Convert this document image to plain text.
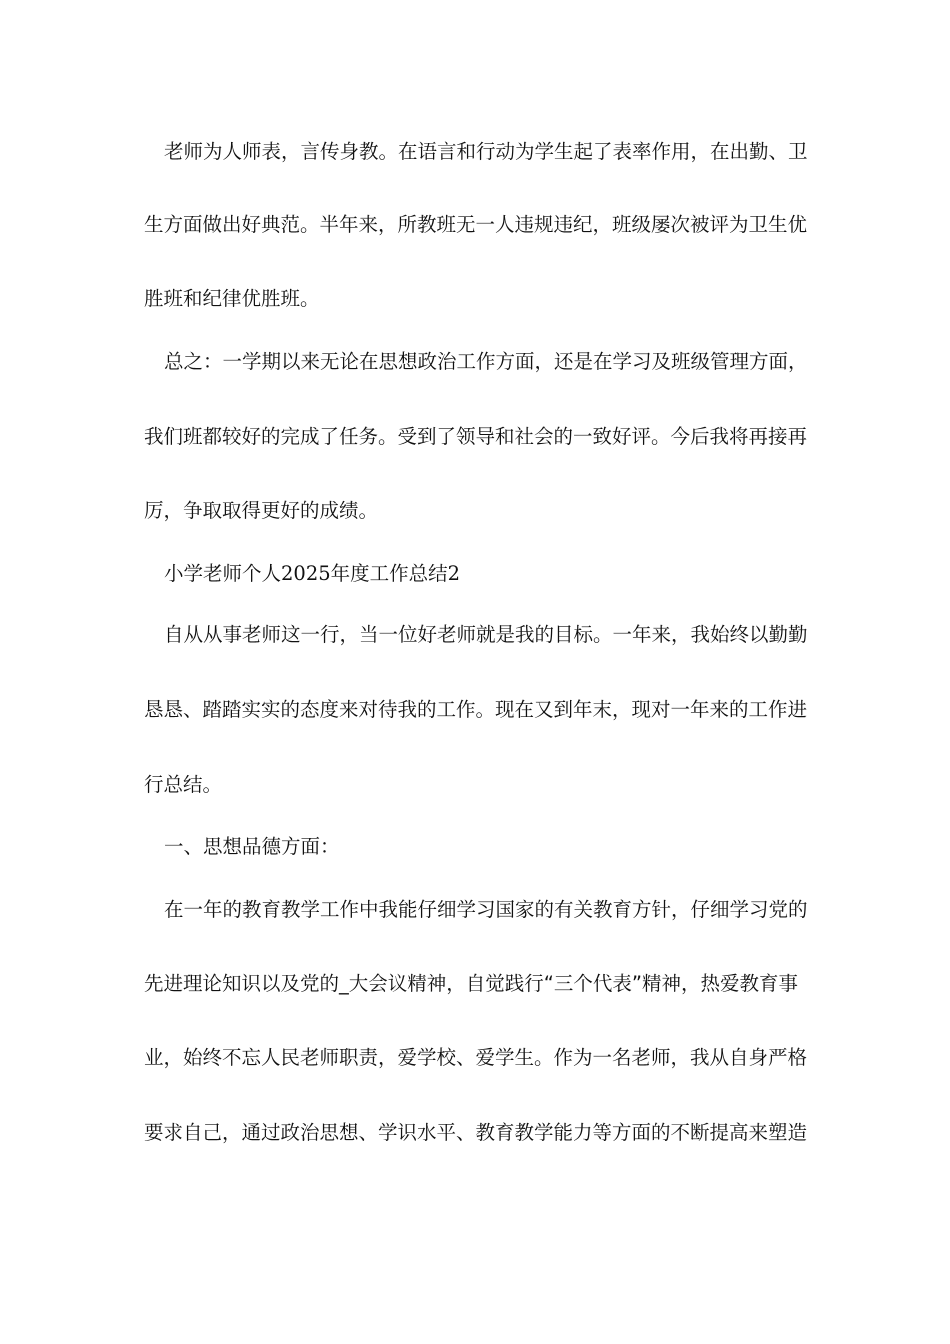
老师为人师表，言传身教。在语言和行动为学生起了表率作用，在出勤、卫

生方面做出好典范。半年来，所教班无一人违规违纪，班级屡次被评为卫生优

胜班和纪律优胜班。

总之：一学期以来无论在思想政治工作方面，还是在学习及班级管理方面，

我们班都较好的完成了任务。受到了领导和社会的一致好评。今后我将再接再

厉，争取取得更好的成绩。

小学老师个人2025年度工作总结2

自从从事老师这一行，当一位好老师就是我的目标。一年来，我始终以勤勤

恳恳、踏踏实实的态度来对待我的工作。现在又到年末，现对一年来的工作进

行总结。

一、思想品德方面：

在一年的教育教学工作中我能仔细学习国家的有关教育方针，仔细学习党的

先进理论知识以及党的_大会议精神，自觉践行“三个代表”精神，热爱教育事

业，始终不忘人民老师职责，爱学校、爱学生。作为一名老师，我从自身严格

要求自己，通过政治思想、学识水平、教育教学能力等方面的不断提高来塑造
